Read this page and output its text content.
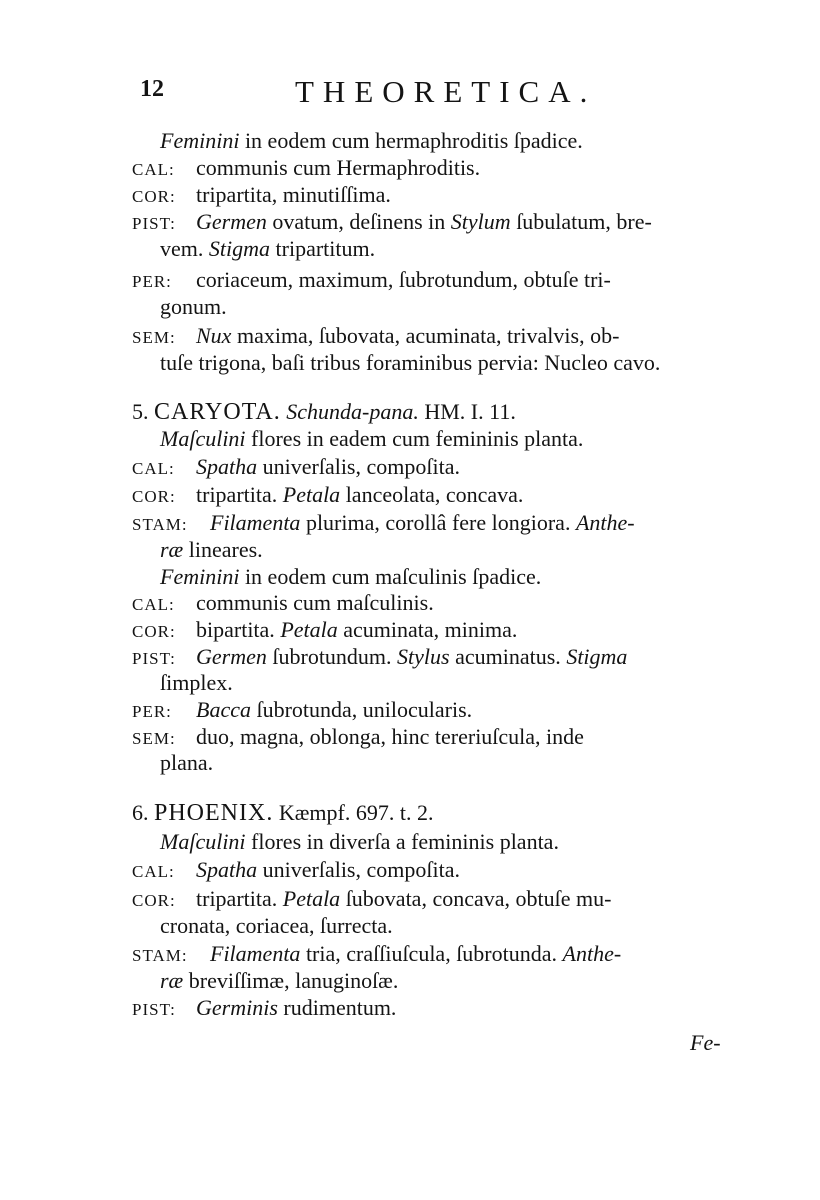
12	THEORETICA.
Feminini in eodem cum hermaphroditis ſpadice.
CAL: communis cum Hermaphroditis.
COR: tripartita, minutiſſima.
PIST: Germen ovatum, deſinens in Stylum ſubulatum, bre-
vem. Stigma tripartitum.
PER: coriaceum, maximum, ſubrotundum, obtuſe tri-
gonum.
SEM: Nux maxima, ſubovata, acuminata, trivalvis, ob-
tuſe trigona, baſi tribus foraminibus pervia: Nucleo cavo.
5. CARYOTA. Schunda-pana. HM. I. 11.
Maſculini flores in eadem cum femininis planta.
CAL: Spatha univerſalis, compoſita.
COR: tripartita. Petala lanceolata, concava.
STAM: Filamenta plurima, corollâ fere longiora. Anthe-
ræ lineares.
Feminini in eodem cum maſculinis ſpadice.
CAL: communis cum maſculinis.
COR: bipartita. Petala acuminata, minima.
PIST: Germen ſubrotundum. Stylus acuminatus. Stigma
ſimplex.
PER: Bacca ſubrotunda, unilocularis.
SEM: duo, magna, oblonga, hinc tereriuſcula, inde
plana.
6. PHOENIX. Kæmpf. 697. t. 2.
Maſculini flores in diverſa a femininis planta.
CAL: Spatha univerſalis, compoſita.
COR: tripartita. Petala ſubovata, concava, obtuſe mu-
cronata, coriacea, ſurrecta.
STAM: Filamenta tria, craſſiuſcula, ſubrotunda. Anthe-
ræ breviſſimæ, lanuginoſæ.
PIST: Germinis rudimentum.
Fe-
